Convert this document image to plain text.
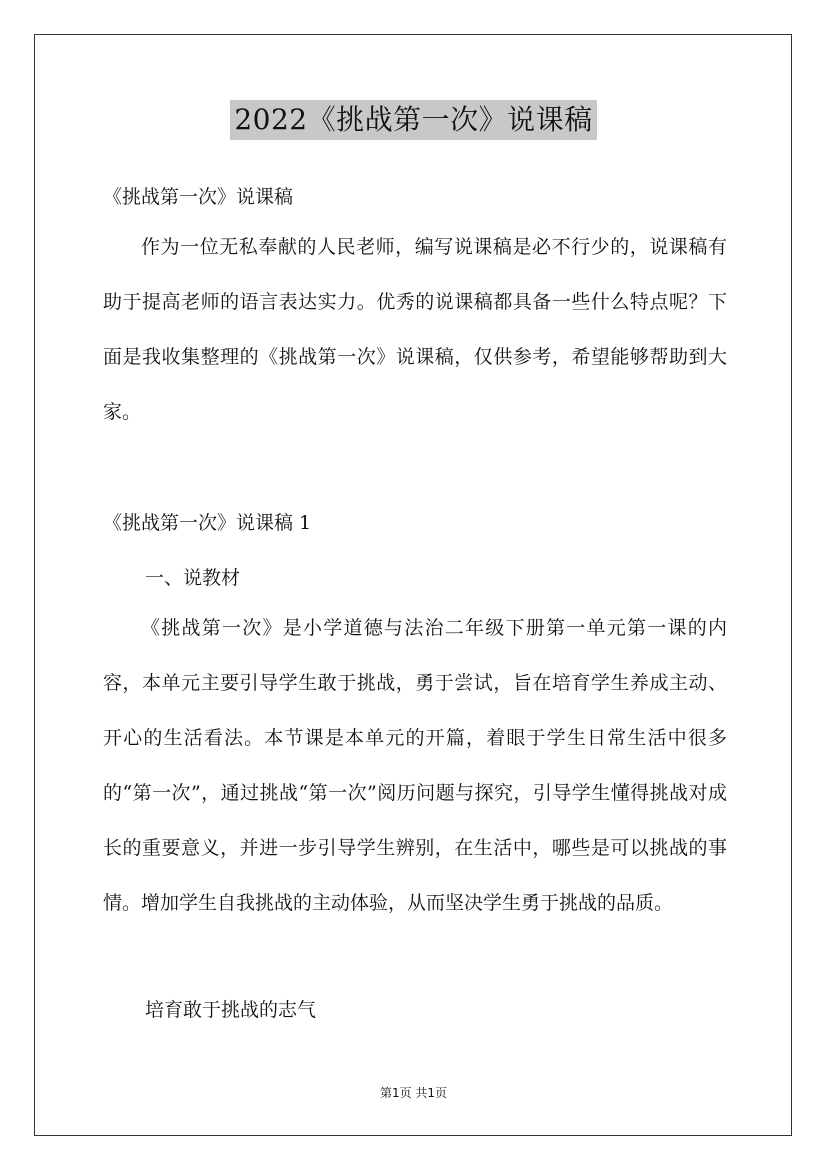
2022《挑战第一次》说课稿
《挑战第一次》说课稿
作为一位无私奉献的人民老师，编写说课稿是必不行少的，说课稿有助于提高老师的语言表达实力。优秀的说课稿都具备一些什么特点呢？下面是我收集整理的《挑战第一次》说课稿，仅供参考，希望能够帮助到大家。
《挑战第一次》说课稿 1
一、说教材
《挑战第一次》是小学道德与法治二年级下册第一单元第一课的内容，本单元主要引导学生敢于挑战，勇于尝试，旨在培育学生养成主动、开心的生活看法。本节课是本单元的开篇，着眼于学生日常生活中很多的“第一次”，通过挑战“第一次”阅历问题与探究，引导学生懂得挑战对成长的重要意义，并进一步引导学生辨别，在生活中，哪些是可以挑战的事情。增加学生自我挑战的主动体验，从而坚决学生勇于挑战的品质。
培育敢于挑战的志气
第1页 共1页
